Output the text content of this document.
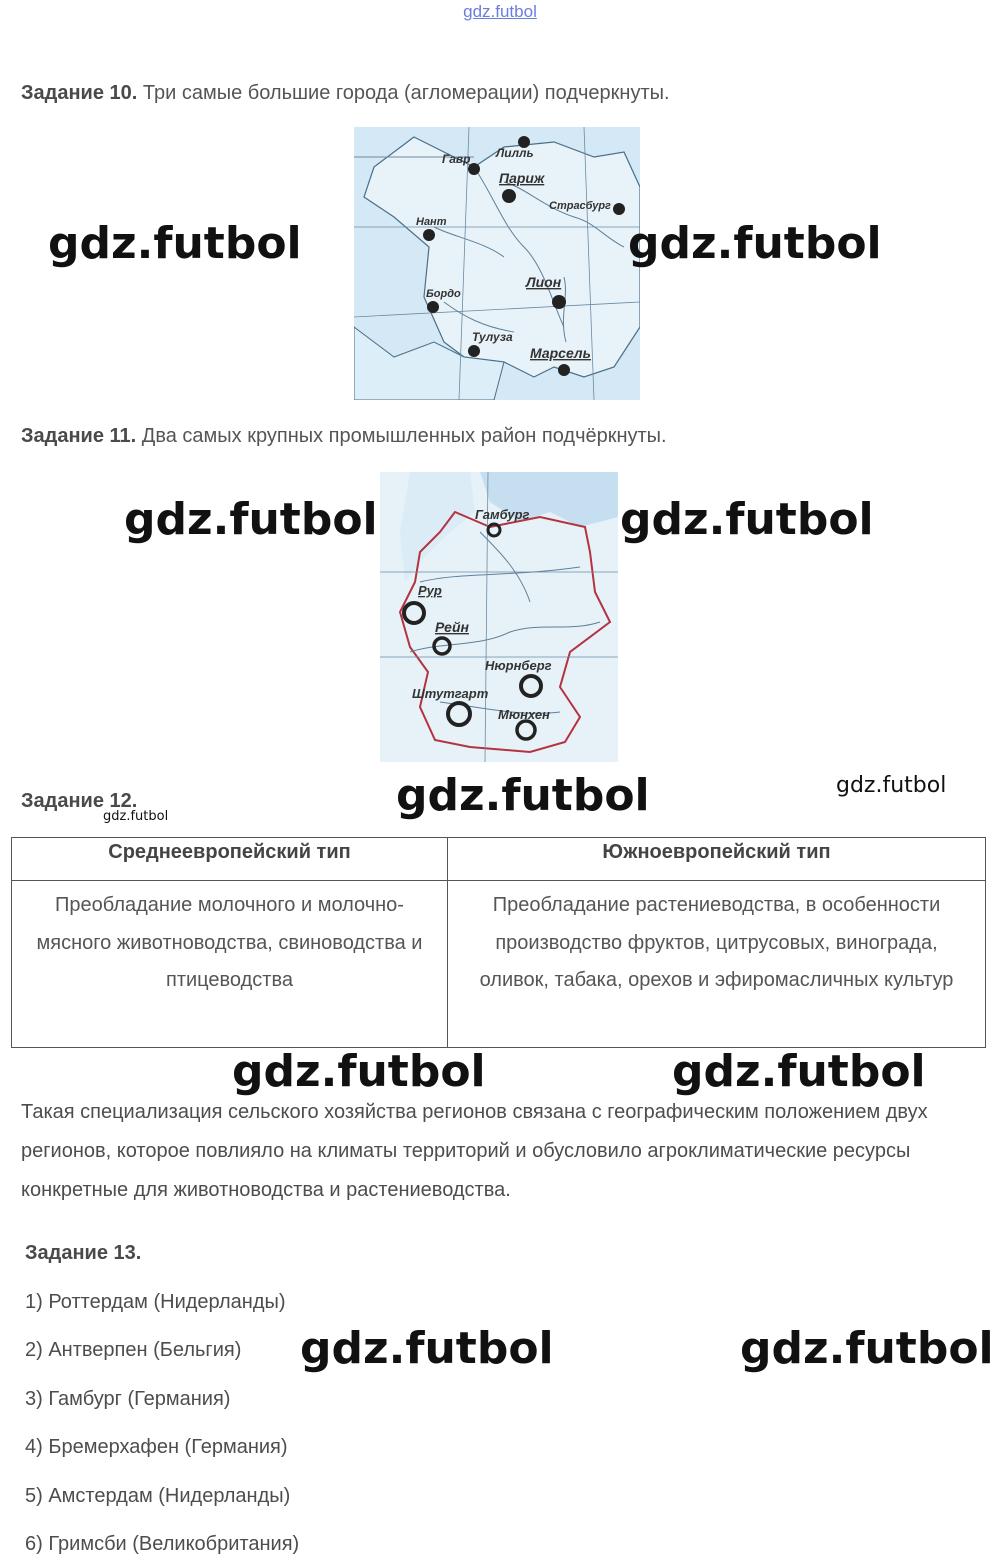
gdz.futbol
Задание 10. Три самые большие города (агломерации) подчеркнуты.
Гавр Лилль
Париж
Страсбург
Нант
Лион
Бордо
Тулуза
Марсель
gdz.futbol	gdz.futbol
Задание 11. Два самых крупных промышленных район подчёркнуты.
Гамбург
Рур
Рейн
Нюрнберг
Штутгарт
Мюнхен
gdz.futbol	gdz.futbol
Задание 12.
gdz.futbol	gdz.futbol	gdz.futbol
Среднеевропейский тип	Южноевропейский тип
Преобладание молочного и молочно-мясного животноводства, свиноводства и птицеводства	Преобладание растениеводства, в особенности производство фруктов, цитрусовых, винограда, оливок, табака, орехов и эфиромасличных культур
gdz.futbol	gdz.futbol
Такая специализация сельского хозяйства регионов связана с географическим положением двух регионов, которое повлияло на климаты территорий и обусловило агроклиматические ресурсы конкретные для животноводства и растениеводства.
Задание 13.
1) Роттердам (Нидерланды)
2) Антверпен (Бельгия)
3) Гамбург (Германия)
4) Бремерхафен (Германия)
5) Амстердам (Нидерланды)
6) Гримсби (Великобритания)
gdz.futbol	gdz.futbol
